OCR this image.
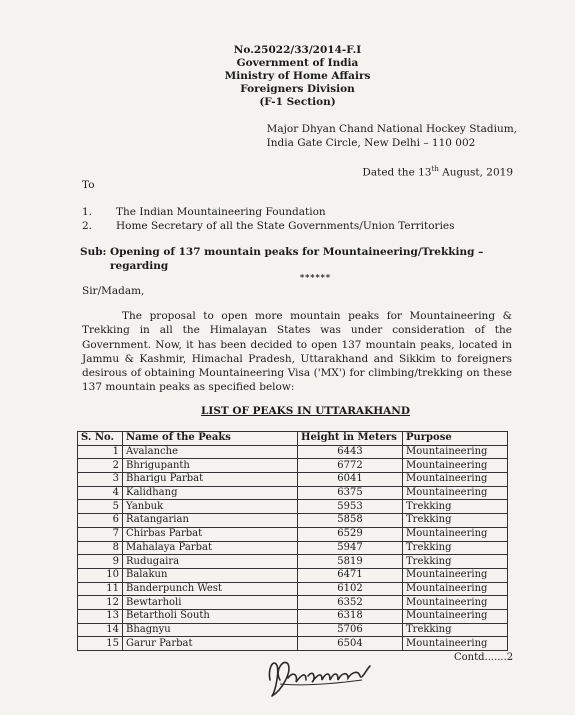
No.25022/33/2014-F.I
Government of India
Ministry of Home Affairs
Foreigners Division
(F-1 Section)
Major Dhyan Chand National Hockey Stadium,
India Gate Circle, New Delhi – 110 002
Dated the 13th August, 2019
To
1. The Indian Mountaineering Foundation
2. Home Secretary of all the State Governments/Union Territories
Sub: Opening of 137 mountain peaks for Mountaineering/Trekking – regarding
******
Sir/Madam,
The proposal to open more mountain peaks for Mountaineering & Trekking in all the Himalayan States was under consideration of the Government. Now, it has been decided to open 137 mountain peaks, located in Jammu & Kashmir, Himachal Pradesh, Uttarakhand and Sikkim to foreigners desirous of obtaining Mountaineering Visa ('MX') for climbing/trekking on these 137 mountain peaks as specified below:
LIST OF PEAKS IN UTTARAKHAND
S. No.	Name of the Peaks	Height in Meters	Purpose
1	Avalanche	6443	Mountaineering
2	Bhrigupanth	6772	Mountaineering
3	Bharigu Parbat	6041	Mountaineering
4	Kalidhang	6375	Mountaineering
5	Yanbuk	5953	Trekking
6	Ratangarian	5858	Trekking
7	Chirbas Parbat	6529	Mountaineering
8	Mahalaya Parbat	5947	Trekking
9	Rudugaira	5819	Trekking
10	Balakun	6471	Mountaineering
11	Banderpunch West	6102	Mountaineering
12	Bewtarholi	6352	Mountaineering
13	Betartholi South	6318	Mountaineering
14	Bhagnyu	5706	Trekking
15	Garur Parbat	6504	Mountaineering
Contd.......2
